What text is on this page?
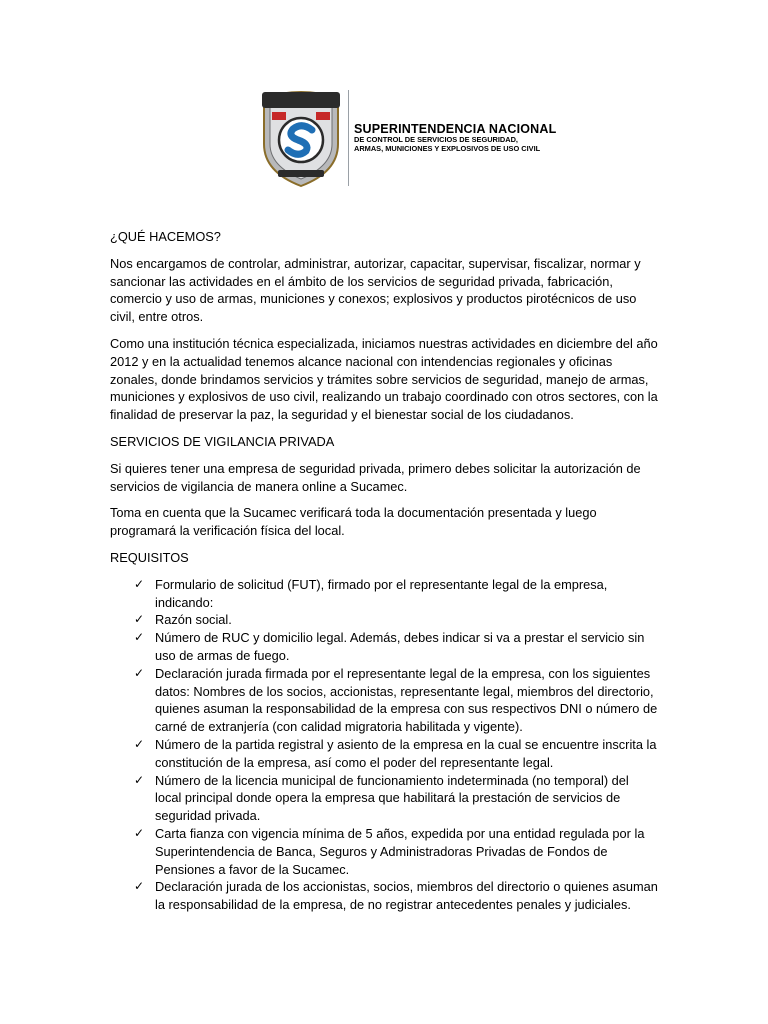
SUPERINTENDENCIA NACIONAL
DE CONTROL DE SERVICIOS DE SEGURIDAD,
ARMAS, MUNICIONES Y EXPLOSIVOS DE USO CIVIL
¿QUÉ HACEMOS?

Nos encargamos de controlar, administrar, autorizar, capacitar, supervisar, fiscalizar, normar y sancionar las actividades en el ámbito de los servicios de seguridad privada, fabricación, comercio y uso de armas, municiones y conexos; explosivos y productos pirotécnicos de uso civil, entre otros.

Como una institución técnica especializada, iniciamos nuestras actividades en diciembre del año 2012 y en la actualidad tenemos alcance nacional con intendencias regionales y oficinas zonales, donde brindamos servicios y trámites sobre servicios de seguridad, manejo de armas, municiones y explosivos de uso civil, realizando un trabajo coordinado con otros sectores, con la finalidad de preservar la paz, la seguridad y el bienestar social de los ciudadanos.

SERVICIOS DE VIGILANCIA PRIVADA

Si quieres tener una empresa de seguridad privada, primero debes solicitar la autorización de servicios de vigilancia de manera online a Sucamec.

Toma en cuenta que la Sucamec verificará toda la documentación presentada y luego programará la verificación física del local.

REQUISITOS
✓ Formulario de solicitud (FUT), firmado por el representante legal de la empresa, indicando:
✓ Razón social.
✓ Número de RUC y domicilio legal. Además, debes indicar si va a prestar el servicio sin uso de armas de fuego.
✓ Declaración jurada firmada por el representante legal de la empresa, con los siguientes datos: Nombres de los socios, accionistas, representante legal, miembros del directorio, quienes asuman la responsabilidad de la empresa con sus respectivos DNI o número de carné de extranjería (con calidad migratoria habilitada y vigente).
✓ Número de la partida registral y asiento de la empresa en la cual se encuentre inscrita la constitución de la empresa, así como el poder del representante legal.
✓ Número de la licencia municipal de funcionamiento indeterminada (no temporal) del local principal donde opera la empresa que habilitará la prestación de servicios de seguridad privada.
✓ Carta fianza con vigencia mínima de 5 años, expedida por una entidad regulada por la Superintendencia de Banca, Seguros y Administradoras Privadas de Fondos de Pensiones a favor de la Sucamec.
✓ Declaración jurada de los accionistas, socios, miembros del directorio o quienes asuman la responsabilidad de la empresa, de no registrar antecedentes penales y judiciales.
